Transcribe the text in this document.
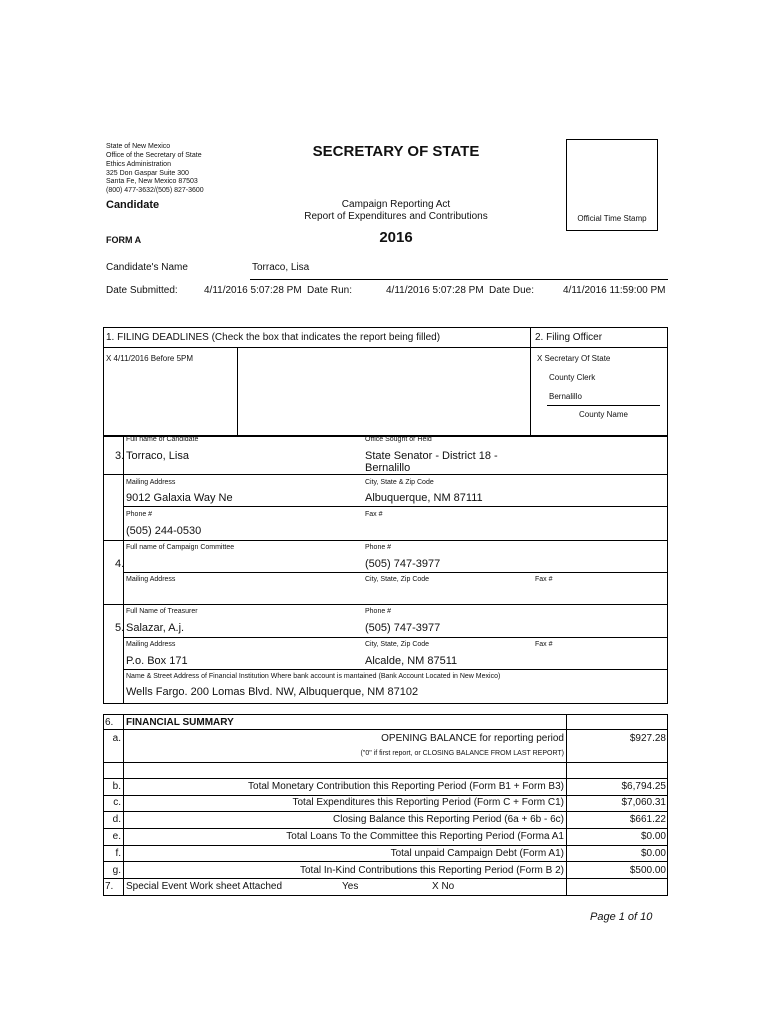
State of New Mexico
Office of the Secretary of State
Ethics Administration
325 Don Gaspar Suite 300
Santa Fe, New Mexico 87503
(800) 477-3632/(505) 827-3600
SECRETARY OF STATE
Campaign Reporting Act
Report of Expenditures and Contributions
2016
Candidate
FORM A
Official Time Stamp
Candidate's Name	Torraco, Lisa
Date Submitted:	4/11/2016 5:07:28 PM Date Run:	4/11/2016 5:07:28 PM Date Due:	4/11/2016 11:59:00 PM
1. FILING DEADLINES (Check the box that indicates the report being filled)
X 4/11/2016 Before 5PM
2. Filing Officer
X Secretary Of State
County Clerk
Bernalillo
County Name
Full name of Candidate	Office Sought or Held
3. Torraco, Lisa	State Senator - District 18 -
Bernalillo
Mailing Address	City, State & Zip Code
9012 Galaxia Way Ne	Albuquerque, NM 87111
Phone #	Fax #
(505) 244-0530
Full name of Campaign Committee	Phone #
4.	(505) 747-3977
Mailing Address	City, State, Zip Code	Fax #
Full Name of Treasurer	Phone #
5. Salazar, A.j.	(505) 747-3977
Mailing Address	City, State, Zip Code	Fax #
P.o. Box 171	Alcalde, NM 87511
Name & Street Address of Financial Institution Where bank account is mantained (Bank Account Located in New Mexico)
Wells Fargo. 200 Lomas Blvd. NW, Albuquerque, NM 87102
6. FINANCIAL SUMMARY
a.	OPENING BALANCE for reporting period
("0" if first report, or CLOSING BALANCE FROM LAST REPORT)
$927.28
b.	Total Monetary Contribution this Reporting Period (Form B1 + Form B3)	$6,794.25
c.	Total Expenditures this Reporting Period (Form C + Form C1)	$7,060.31
d.	Closing Balance this Reporting Period (6a + 6b - 6c)	$661.22
e.	Total Loans To the Committee this Reporting Period (Forma A1	$0.00
f.	Total unpaid Campaign Debt (Form A1)	$0.00
g.	Total In-Kind Contributions this Reporting Period (Form B 2)	$500.00
7. Special Event Work sheet Attached	Yes	X No
Page 1 of 10
